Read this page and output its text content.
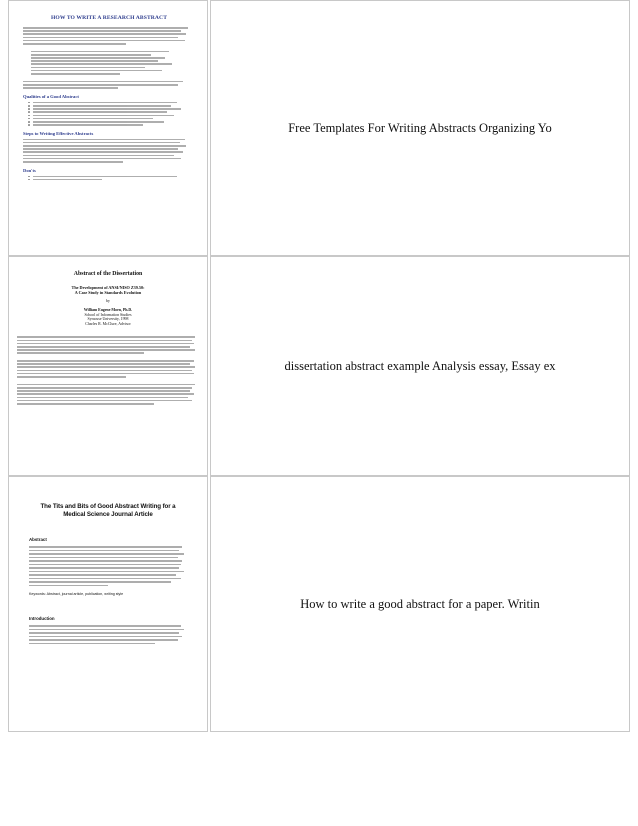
HOW TO WRITE A RESEARCH ABSTRACT
Qualities of a Good Abstract
Steps to Writing Effective Abstracts
Don'ts
Free Templates For Writing Abstracts Organizing Yo
Abstract of the Dissertation
The Development of ANSI/NISO Z39.50:
A Case Study in Standards Evolution
by
William Eugene Moen, Ph.D.
School of Information Studies
Syracuse University, 1998
Charles R. McClure, Advisor
dissertation abstract example Analysis essay, Essay ex
The Tits and Bits of Good Abstract Writing for a
Medical Science Journal Article
Abstract
Keywords: Abstract, journal article, publication, writing style
Introduction
How to write a good abstract for a paper. Writin
